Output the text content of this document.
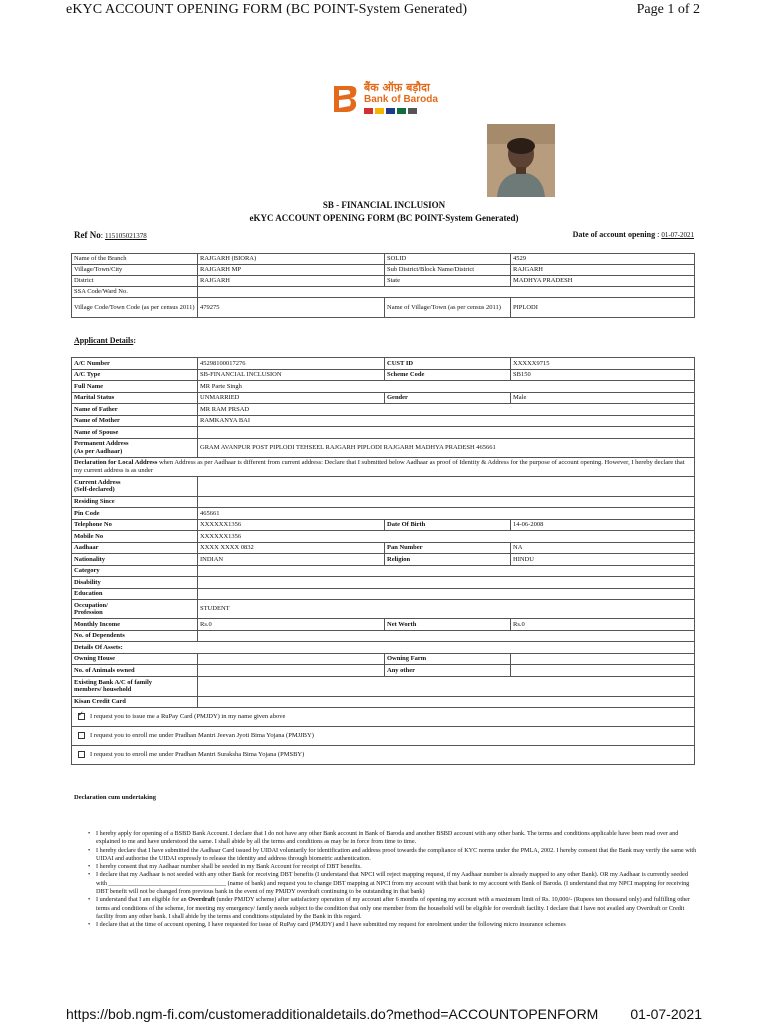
eKYC ACCOUNT OPENING FORM (BC POINT-System Generated)	Page 1 of 2
बैंक ऑफ़ बड़ौदा
Bank of Baroda
SB - FINANCIAL INCLUSION
eKYC ACCOUNT OPENING FORM (BC POINT-System Generated)
Ref No: 115105021378	Date of account opening : 01-07-2021
Name of the Branch	RAJGARH (BIORA)	SOLID	4529
Village/Town/City	RAJGARH MP	Sub District/Block Name/District	RAJGARH
District	RAJGARH	State	MADHYA PRADESH
SSA Code/Ward No.			
Village Code/Town Code (as per census 2011)	479275	Name of Village/Town (as per census 2011)	PIPLODI
Applicant Details:
A/C Number	45298100017276	CUST ID	XXXXX9715
A/C Type	SB-FINANCIAL INCLUSION	Scheme Code	SB150
Full Name	MR Parte Singh		
Marital Status	UNMARRIED	Gender	Male
Name of Father	MR RAM PRSAD		
Name of Mother	RAMKANYA BAI		
Name of Spouse			
Permanent Address
(As per Aadhaar)	GRAM AVANPUR POST PIPLODI TEHSEEL RAJGARH PIPLODI RAJGARH MADHYA PRADESH 465661		
Declaration for Local Address when Address as per Aadhaar is different from current address: Declare that I submitted below Aadhaar as proof of Identity & Address for the purpose of account opening. However, I hereby declare that my current address is as under			
Current Address
(Self-declared)			
Residing Since			
Pin Code	465661		
Telephone No	XXXXXX1356	Date Of Birth	14-06-2008
Mobile No	XXXXXX1356		
Aadhaar	XXXX XXXX 0832	Pan Number	NA
Nationality	INDIAN	Religion	HINDU
Category			
Disability			
Education			
Occupation/
Profession	STUDENT		
Monthly Income	Rs.0	Net Worth	Rs.0
No. of Dependents			
Details Of Assets:			
Owning House		Owning Farm	
No. of Animals owned		Any other	
Existing Bank A/C of family
members/ household			
Kisan Credit Card			
✓I request you to issue me a RuPay Card (PMJDY) in my name given above
I request you to enroll me under Pradhan Mantri Jeevan Jyoti Bima Yojana (PMJJBY)			
I request you to enroll me under Pradhan Mantri Suraksha Bima Yojana (PMSBY)			
Declaration cum undertaking
• I hereby apply for opening of a BSBD Bank Account. I declare that I do not have any other Bank account in Bank of Baroda and another BSBD account with any other bank. The terms and conditions applicable have been read over and explained to me and have understood the same. I shall abide by all the terms and conditions as may be in force from time to time.
• I hereby declare that I have submitted the Aadhaar Card issued by UIDAI voluntarily for identification and address proof towards the compliance of KYC norms under the PMLA, 2002. I hereby consent that the Bank may verify the same with UIDAI and authorise the UIDAI expressly to release the identity and address through biometric authentication.
• I hereby consent that my Aadhaar number shall be seeded in my Bank Account for receipt of DBT benefits.
• I declare that my Aadhaar is not seeded with any other Bank for receiving DBT benefits (I understand that NPCI will reject mapping request, if my Aadhaar number is already mapped to any other Bank). OR my Aadhaar is currently seeded with ______________________________________ (name of bank) and request you to change DBT mapping at NPCI from my account with that bank to my account with Bank of Baroda. (I understand that my NPCI mapping for receiving DBT benefit will not be changed from previous bank in the event of my PMJDY overdraft continuing to be outstanding in that bank)
• I understand that I am eligible for an Overdraft (under PMJDY scheme) after satisfactory operation of my account after 6 months of opening my account with a maximum limit of Rs. 10,000/- (Rupees ten thousand only) and fulfilling other terms and conditions of the scheme, for meeting my emergency/ family needs subject to the condition that only one member from the household will be eligible for overdraft facility. I declare that I have not availed any Overdraft or Credit facility from any other bank. I shall abide by the terms and conditions stipulated by the Bank in this regard.
• I declare that at the time of account opening, I have requested for issue of RuPay card (PMJDY) and I have submitted my request for enrolment under the following micro insurance schemes
https://bob.ngm-fi.com/customeradditionaldetails.do?method=ACCOUNTOPENFORM 01-07-2021
